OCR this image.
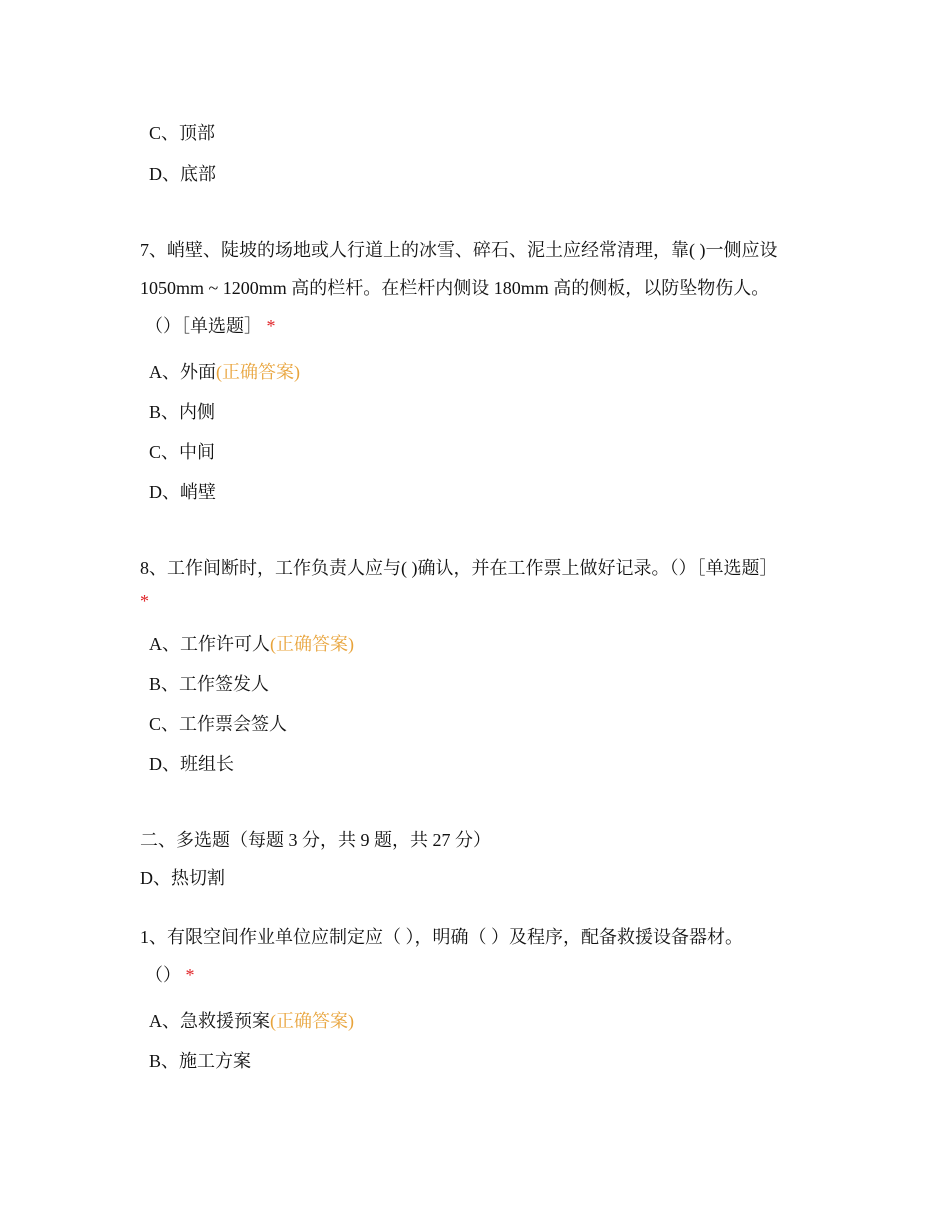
C、顶部
D、底部
7、峭壁、陡坡的场地或人行道上的冰雪、碎石、泥土应经常清理，靠( )一侧应设
1050mm ~ 1200mm 高的栏杆。在栏杆内侧设 180mm 高的侧板，以防坠物伤人。
（）［单选题］ *
A、外面(正确答案)
B、内侧
C、中间
D、峭壁
8、工作间断时，工作负责人应与( )确认，并在工作票上做好记录。（）［单选题］
*
A、工作许可人(正确答案)
B、工作签发人
C、工作票会签人
D、班组长
二、多选题（每题 3 分，共 9 题，共 27 分）
D、热切割
1、有限空间作业单位应制定应（ ），明确（ ）及程序，配备救援设备器材。
（） *
A、急救援预案(正确答案)
B、施工方案
